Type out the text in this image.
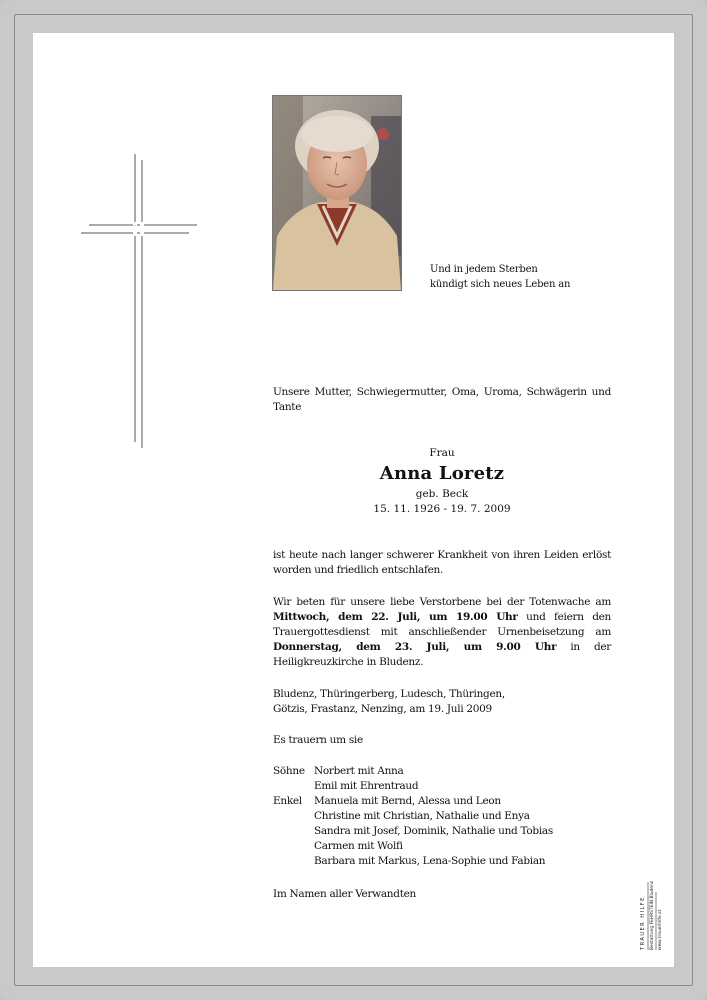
Und in jedem Sterben
kündigt sich neues Leben an
Unsere Mutter, Schwiegermutter, Oma, Uroma, Schwägerin und Tante
Frau
Anna Loretz
geb. Beck
15. 11. 1926 - 19. 7. 2009
ist heute nach langer schwerer Krankheit von ihren Leiden erlöst worden und friedlich entschlafen.
Wir beten für unsere liebe Verstorbene bei der Totenwache am Mittwoch, dem 22. Juli, um 19.00 Uhr und feiern den Trauergottesdienst mit anschließender Urnenbeisetzung am Donnerstag, dem 23. Juli, um 9.00 Uhr in der Heiligkreuzkirche in Bludenz.
Bludenz, Thüringerberg, Ludesch, Thüringen,
Götzis, Frastanz, Nenzing, am 19. Juli 2009
Es trauern um sie
Söhne Norbert mit Anna
Emil mit Ehrentraud
Enkel	Manuela mit Bernd, Alessa und Leon
Christine mit Christian, Nathalie und Enya
Sandra mit Josef, Dominik, Nathalie und Tobias
Carmen mit Wolfi
Barbara mit Markus, Lena-Sophie und Fabian
Im Namen aller Verwandten
TRAUER HILFE Bestattung FEHRSTEIN Bludenz www.trauerhilfe.at
